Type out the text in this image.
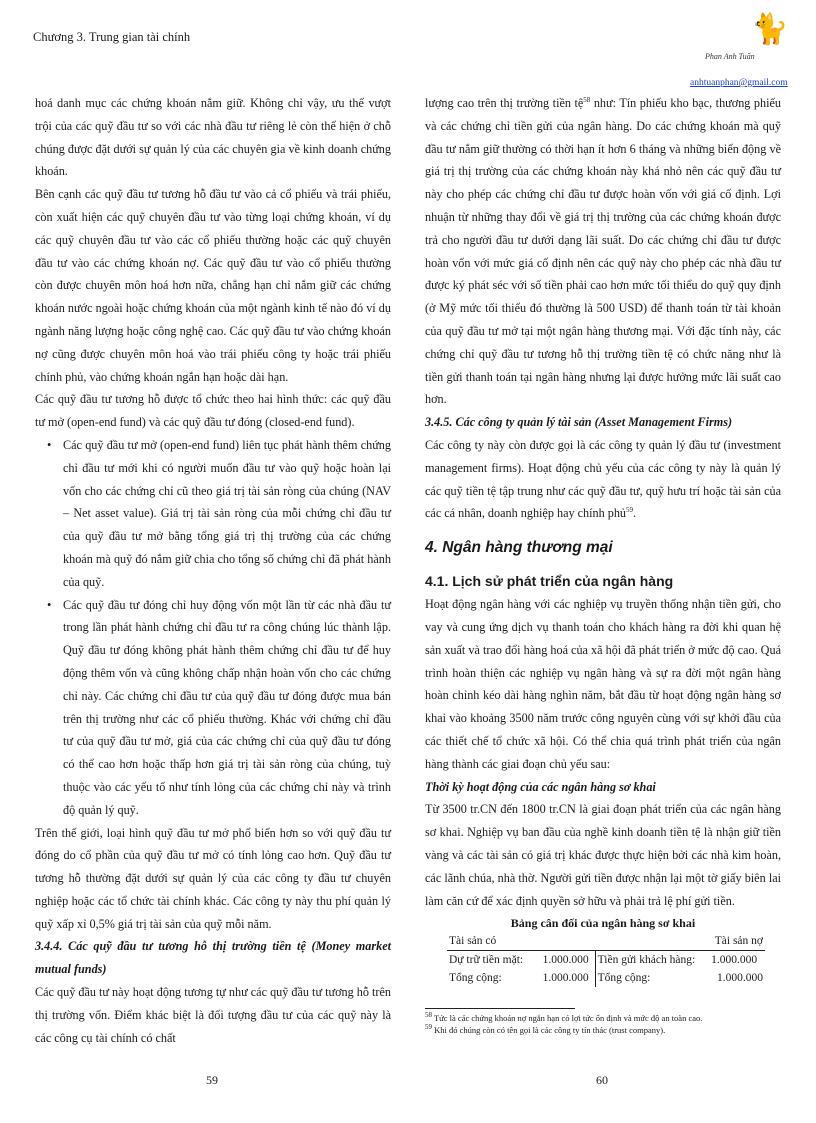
Chương 3. Trung gian tài chính	🐈
Phan Anh Tuấn
anhtuanphan@gmail.com

hoá danh mục các chứng khoán nắm giữ. Không chỉ vậy, ưu thế vượt trội của các quỹ đầu tư so với các nhà đầu tư riêng lẻ còn thể hiện ở chỗ chúng được đặt dưới sự quản lý của các chuyên gia về kinh doanh chứng khoán.

Bên cạnh các quỹ đầu tư tương hỗ đầu tư vào cả cổ phiếu và trái phiếu, còn xuất hiện các quỹ chuyên đầu tư vào từng loại chứng khoán, ví dụ các quỹ chuyên đầu tư vào các cổ phiếu thường hoặc các quỹ chuyên đầu tư vào các chứng khoán nợ. Các quỹ đầu tư vào cổ phiếu thường còn được chuyên môn hoá hơn nữa, chẳng hạn chỉ nắm giữ các chứng khoán nước ngoài hoặc chứng khoán của một ngành kinh tế nào đó ví dụ ngành năng lượng hoặc công nghệ cao. Các quỹ đầu tư vào chứng khoán nợ cũng được chuyên môn hoá vào trái phiếu công ty hoặc trái phiếu chính phủ, vào chứng khoán ngắn hạn hoặc dài hạn.

Các quỹ đầu tư tương hỗ được tổ chức theo hai hình thức: các quỹ đầu tư mở (open-end fund) và các quỹ đầu tư đóng (closed-end fund).

• Các quỹ đầu tư mở (open-end fund) liên tục phát hành thêm chứng chỉ đầu tư mới khi có người muốn đầu tư vào quỹ hoặc hoàn lại vốn cho các chứng chỉ cũ theo giá trị tài sản ròng của chúng (NAV – Net asset value). Giá trị tài sản ròng của mỗi chứng chỉ đầu tư của quỹ đầu tư mở bằng tổng giá trị thị trường của các chứng khoán mà quỹ đó nắm giữ chia cho tổng số chứng chỉ đã phát hành của quỹ.

• Các quỹ đầu tư đóng chỉ huy động vốn một lần từ các nhà đầu tư trong lần phát hành chứng chỉ đầu tư ra công chúng lúc thành lập. Quỹ đầu tư đóng không phát hành thêm chứng chỉ đầu tư để huy động thêm vốn và cũng không chấp nhận hoàn vốn cho các chứng chỉ này. Các chứng chỉ đầu tư của quỹ đầu tư đóng được mua bán trên thị trường như các cổ phiếu thường. Khác với chứng chỉ đầu tư của quỹ đầu tư mở, giá của các chứng chỉ của quỹ đầu tư đóng có thể cao hơn hoặc thấp hơn giá trị tài sản ròng của chúng, tuỳ thuộc vào các yếu tố như tính lỏng của các chứng chỉ này và trình độ quản lý quỹ.

Trên thế giới, loại hình quỹ đầu tư mở phổ biến hơn so với quỹ đầu tư đóng do cổ phần của quỹ đầu tư mở có tính lỏng cao hơn. Quỹ đầu tư tương hỗ thường đặt dưới sự quản lý của các công ty đầu tư chuyên nghiệp hoặc các tổ chức tài chính khác. Các công ty này thu phí quản lý quỹ xấp xỉ 0,5% giá trị tài sản của quỹ mỗi năm.

3.4.4. Các quỹ đầu tư tương hỗ thị trường tiền tệ (Money market mutual funds)

Các quỹ đầu tư này hoạt động tương tự như các quỹ đầu tư tương hỗ trên thị trường vốn. Điểm khác biệt là đối tượng đầu tư của các quỹ này là các công cụ tài chính có chất

lượng cao trên thị trường tiền tệ$^{58}$ như: Tín phiếu kho bạc, thương phiếu và các chứng chỉ tiền gửi của ngân hàng. Do các chứng khoán mà quỹ đầu tư nắm giữ thường có thời hạn ít hơn 6 tháng và những biến động về giá trị thị trường của các chứng khoán này khá nhỏ nên các quỹ đầu tư này cho phép các chứng chỉ đầu tư được hoàn vốn với giá cố định. Lợi nhuận từ những thay đổi về giá trị thị trường của các chứng khoán được trả cho người đầu tư dưới dạng lãi suất. Do các chứng chỉ đầu tư được hoàn vốn với mức giá cố định nên các quỹ này cho phép các nhà đầu tư được ký phát séc với số tiền phải cao hơn mức tối thiểu do quỹ quy định (ở Mỹ mức tối thiểu đó thường là 500 USD) để thanh toán từ tài khoản của quỹ đầu tư mở tại một ngân hàng thương mại. Với đặc tính này, các chứng chỉ quỹ đầu tư tương hỗ thị trường tiền tệ có chức năng như là tiền gửi thanh toán tại ngân hàng nhưng lại được hưởng mức lãi suất cao hơn.

3.4.5. Các công ty quản lý tài sản (Asset Management Firms)

Các công ty này còn được gọi là các công ty quản lý đầu tư (investment management firms). Hoạt động chủ yếu của các công ty này là quản lý các quỹ tiền tệ tập trung như các quỹ đầu tư, quỹ hưu trí hoặc tài sản của các cá nhân, doanh nghiệp hay chính phủ$^{59}$.

4. Ngân hàng thương mại

4.1. Lịch sử phát triển của ngân hàng

Hoạt động ngân hàng với các nghiệp vụ truyền thống nhận tiền gửi, cho vay và cung ứng dịch vụ thanh toán cho khách hàng ra đời khi quan hệ sản xuất và trao đổi hàng hoá của xã hội đã phát triển ở mức độ cao. Quá trình hoàn thiện các nghiệp vụ ngân hàng và sự ra đời một ngân hàng hoàn chỉnh kéo dài hàng nghìn năm, bắt đầu từ hoạt động ngân hàng sơ khai vào khoảng 3500 năm trước công nguyên cùng với sự khởi đầu của các thiết chế tổ chức xã hội. Có thể chia quá trình phát triển của ngân hàng thành các giai đoạn chủ yếu sau:

Thời kỳ hoạt động của các ngân hàng sơ khai

Từ 3500 tr.CN đến 1800 tr.CN là giai đoạn phát triển của các ngân hàng sơ khai. Nghiệp vụ ban đầu của nghề kinh doanh tiền tệ là nhận giữ tiền vàng và các tài sản có giá trị khác được thực hiện bởi các nhà kim hoàn, các lãnh chúa, nhà thờ. Người gửi tiền được nhận lại một tờ giấy biên lai làm căn cứ để xác định quyền sở hữu và phải trả lệ phí gửi tiền.

Bảng cân đối của ngân hàng sơ khai

Tài sản có		Tài sản nợ	
Dự trữ tiền mặt:	1.000.000	Tiền gửi khách hàng:	1.000.000
Tổng cộng:	1.000.000	Tổng cộng:	1.000.000
$^{58}$ Tức là các chứng khoán nợ ngắn hạn có lợi tức ổn định và mức độ an toàn cao.
$^{59}$ Khi đó chúng còn có tên gọi là các công ty tín thác (trust company).
59	60
